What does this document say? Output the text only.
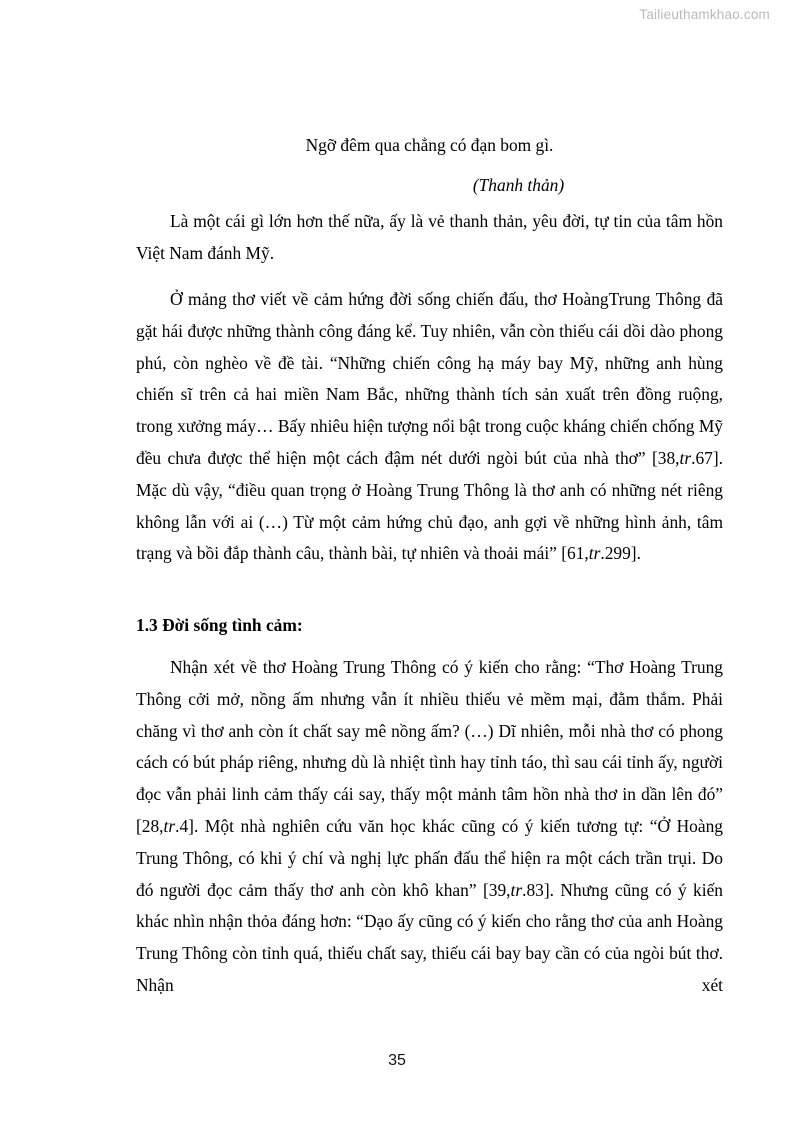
Tailieuthamkhao.com
Ngỡ đêm qua chẳng có đạn bom gì.
(Thanh thản)

Là một cái gì lớn hơn thế nữa, ấy là vẻ thanh thản, yêu đời, tự tin của tâm hồn Việt Nam đánh Mỹ.

Ở mảng thơ viết về cảm hứng đời sống chiến đấu, thơ HoàngTrung Thông đã gặt hái được những thành công đáng kể. Tuy nhiên, vẫn còn thiếu cái dồi dào phong phú, còn nghèo về đề tài. “Những chiến công hạ máy bay Mỹ, những anh hùng chiến sĩ trên cả hai miền Nam Bắc, những thành tích sản xuất trên đồng ruộng, trong xưởng máy… Bấy nhiêu hiện tượng nổi bật trong cuộc kháng chiến chống Mỹ đều chưa được thể hiện một cách đậm nét dưới ngòi bút của nhà thơ” [38,tr.67]. Mặc dù vậy, “điều quan trọng ở Hoàng Trung Thông là thơ anh có những nét riêng không lẫn với ai (…) Từ một cảm hứng chủ đạo, anh gợi về những hình ảnh, tâm trạng và bồi đắp thành câu, thành bài, tự nhiên và thoải mái” [61,tr.299].

1.3 Đời sống tình cảm:

Nhận xét về thơ Hoàng Trung Thông có ý kiến cho rằng: “Thơ Hoàng Trung Thông cởi mở, nồng ấm nhưng vẫn ít nhiều thiếu vẻ mềm mại, đằm thắm. Phải chăng vì thơ anh còn ít chất say mê nồng ấm? (…) Dĩ nhiên, mỗi nhà thơ có phong cách có bút pháp riêng, nhưng dù là nhiệt tình hay tỉnh táo, thì sau cái tỉnh ấy, người đọc vẫn phải linh cảm thấy cái say, thấy một mảnh tâm hồn nhà thơ in dần lên đó” [28,tr.4]. Một nhà nghiên cứu văn học khác cũng có ý kiến tương tự: “Ở Hoàng Trung Thông, có khi ý chí và nghị lực phấn đấu thể hiện ra một cách trần trụi. Do đó người đọc cảm thấy thơ anh còn khô khan” [39,tr.83]. Nhưng cũng có ý kiến khác nhìn nhận thỏa đáng hơn: “Dạo ấy cũng có ý kiến cho rằng thơ của anh Hoàng Trung Thông còn tỉnh quá, thiếu chất say, thiếu cái bay bay cần có của ngòi bút thơ. Nhận xét

35
